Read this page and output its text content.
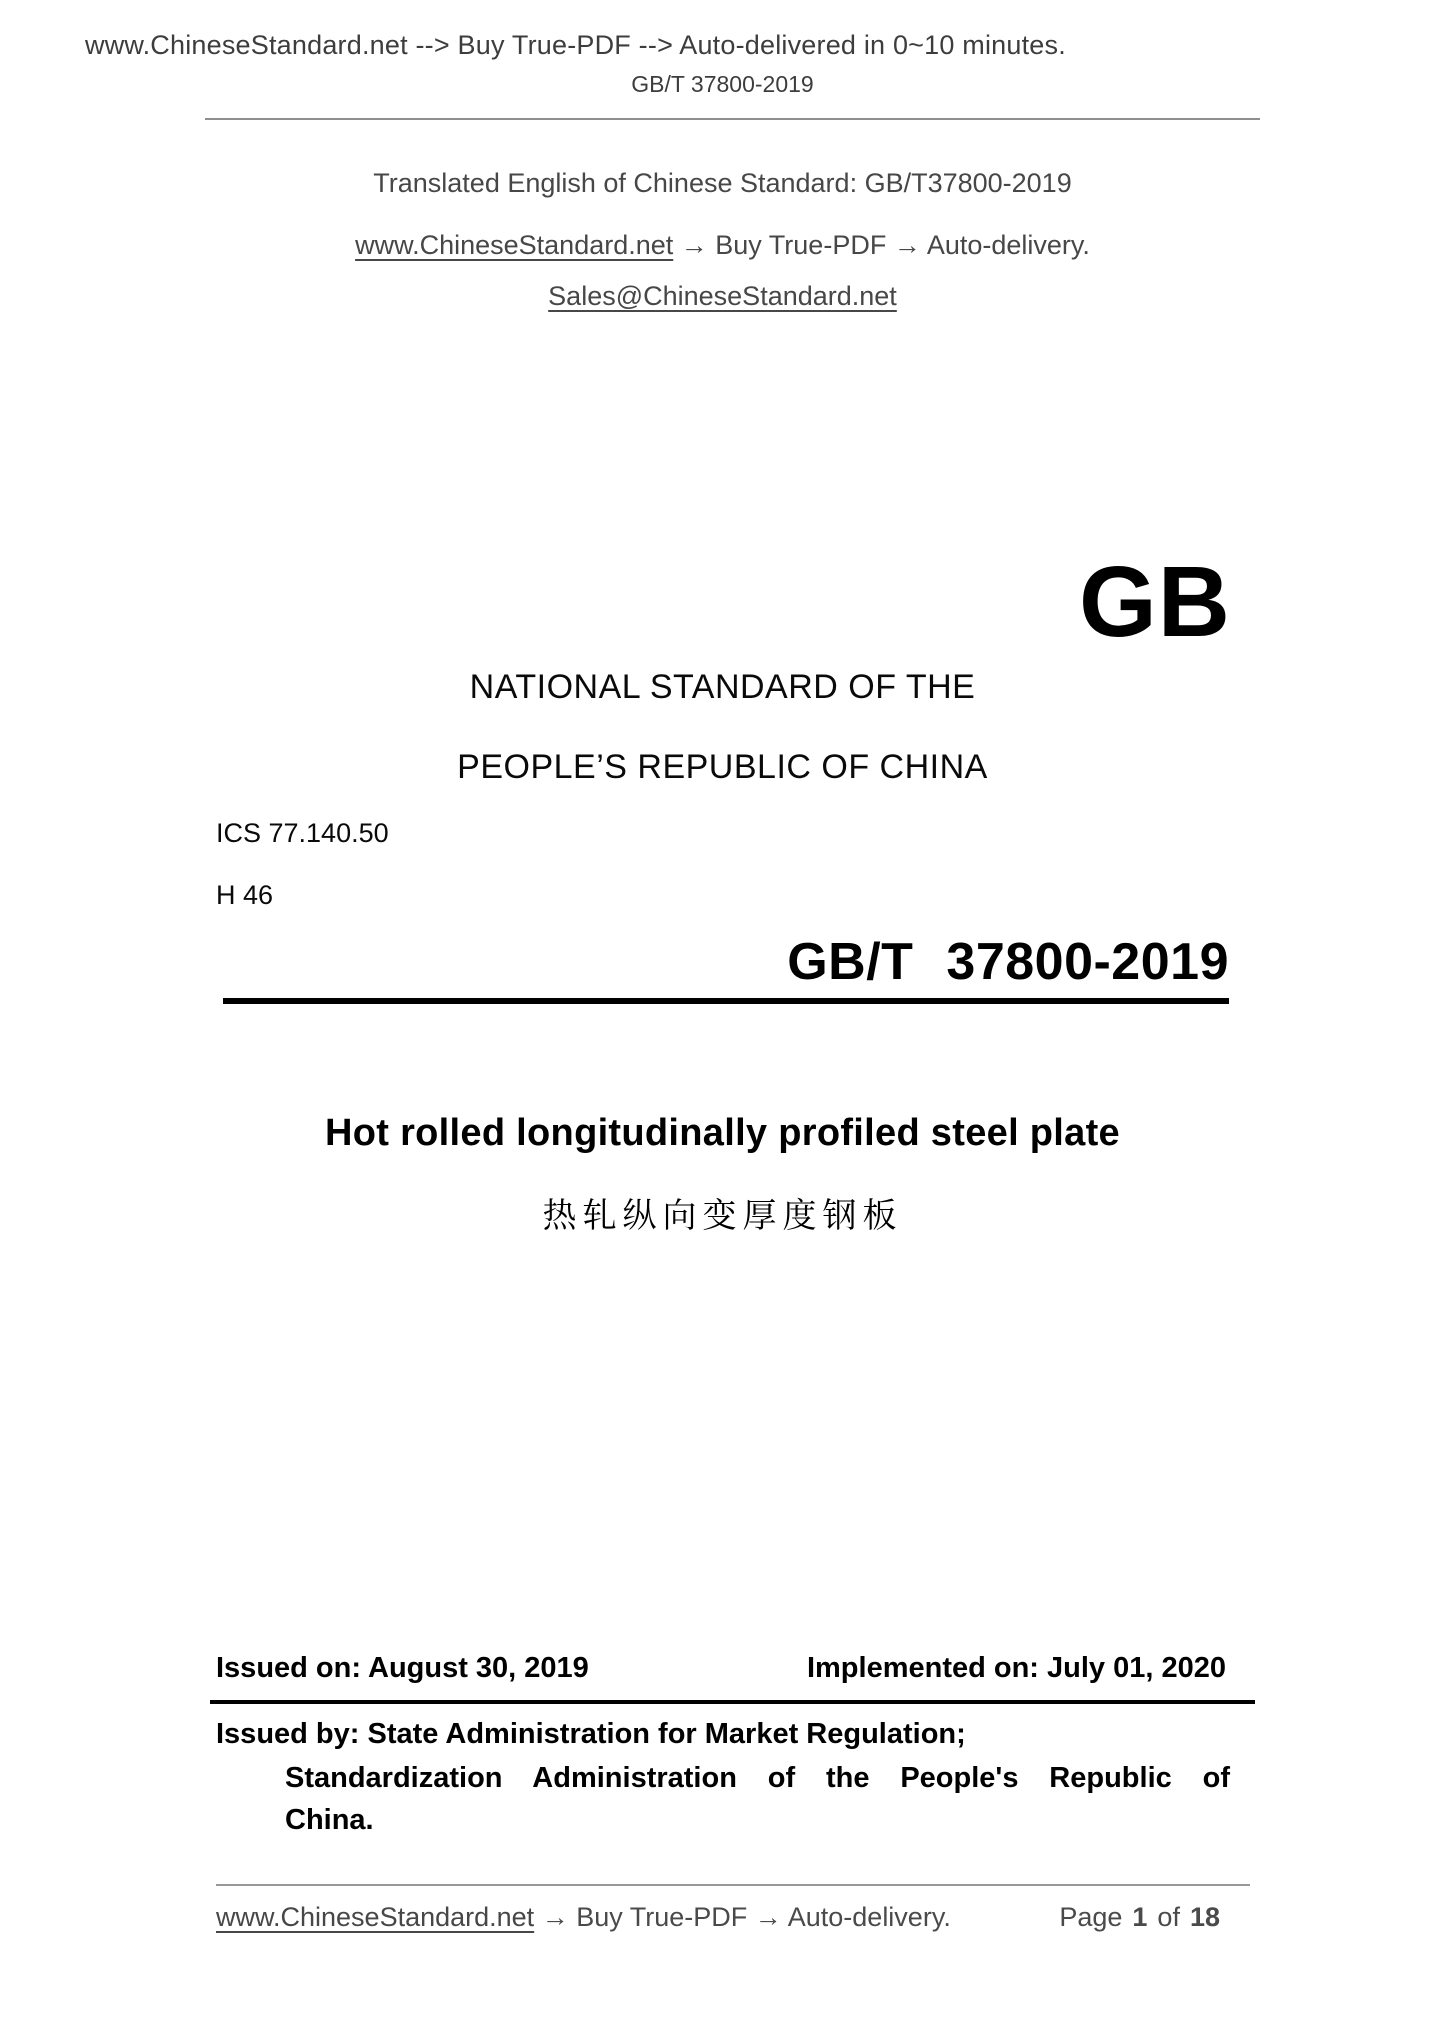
www.ChineseStandard.net --> Buy True-PDF --> Auto-delivered in 0~10 minutes.
GB/T 37800-2019
Translated English of Chinese Standard: GB/T37800-2019
www.ChineseStandard.net → Buy True-PDF → Auto-delivery.
Sales@ChineseStandard.net
GB
NATIONAL STANDARD OF THE
PEOPLE’S REPUBLIC OF CHINA
ICS 77.140.50
H 46
GB/T 37800-2019
Hot rolled longitudinally profiled steel plate
热轧纵向变厚度钢板
Issued on: August 30, 2019	Implemented on: July 01, 2020
Issued by: State Administration for Market Regulation;
Standardization Administration of the People's Republic of
China.
www.ChineseStandard.net → Buy True-PDF → Auto-delivery.	Page 1 of 18
